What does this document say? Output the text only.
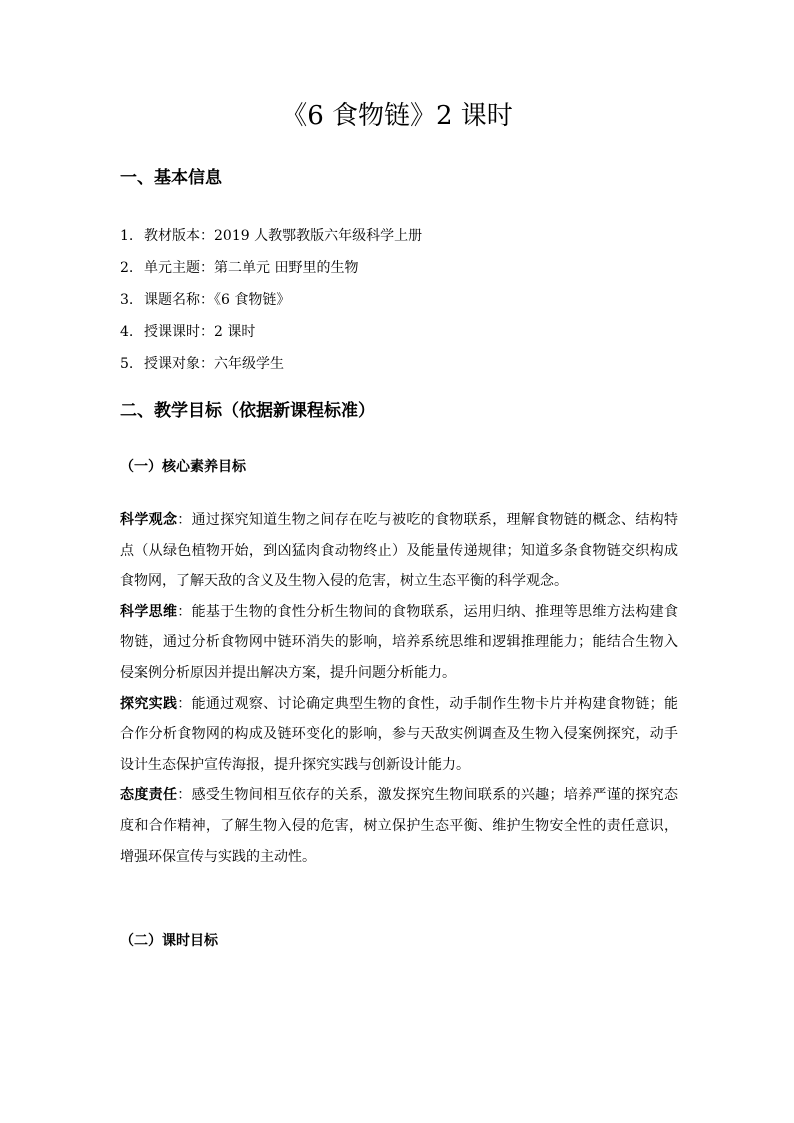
《6 食物链》2 课时
一、基本信息
1. 教材版本：2019 人教鄂教版六年级科学上册
2. 单元主题：第二单元 田野里的生物
3. 课题名称：《6 食物链》
4. 授课课时：2 课时
5. 授课对象：六年级学生
二、教学目标（依据新课程标准）
（一）核心素养目标

科学观念：通过探究知道生物之间存在吃与被吃的食物联系，理解食物链的概念、结构特点（从绿色植物开始，到凶猛肉食动物终止）及能量传递规律；知道多条食物链交织构成食物网，了解天敌的含义及生物入侵的危害，树立生态平衡的科学观念。

科学思维：能基于生物的食性分析生物间的食物联系，运用归纳、推理等思维方法构建食物链，通过分析食物网中链环消失的影响，培养系统思维和逻辑推理能力；能结合生物入侵案例分析原因并提出解决方案，提升问题分析能力。

探究实践：能通过观察、讨论确定典型生物的食性，动手制作生物卡片并构建食物链；能合作分析食物网的构成及链环变化的影响，参与天敌实例调查及生物入侵案例探究，动手设计生态保护宣传海报，提升探究实践与创新设计能力。

态度责任：感受生物间相互依存的关系，激发探究生物间联系的兴趣；培养严谨的探究态度和合作精神，了解生物入侵的危害，树立保护生态平衡、维护生物安全性的责任意识，增强环保宣传与实践的主动性。

（二）课时目标
